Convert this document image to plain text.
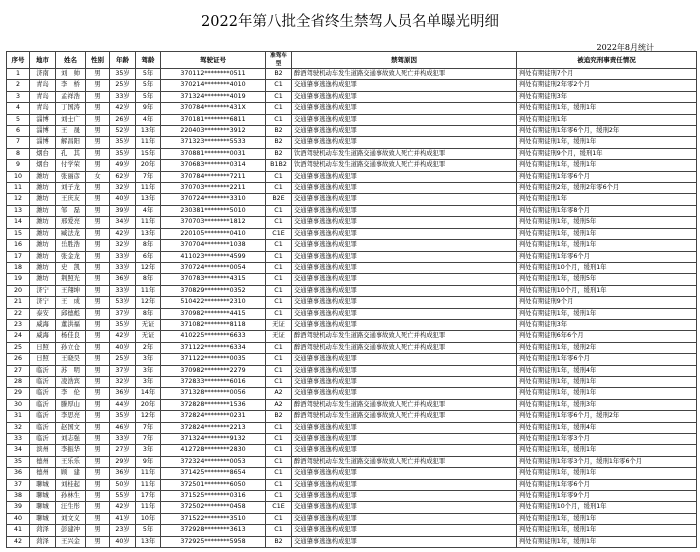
2022年第八批全省终生禁驾人员名单曝光明细
2022年8月统计
序号	地市	姓名	性别	年龄	驾龄	驾驶证号	准驾车型	禁驾原因	被追究刑事责任情况
1	济南	刘　帅	男	35岁	5年	370112********0511	B2	醉酒驾驶机动车发生道路交通事故致人死亡并构成犯罪	判处有期徒刑7个月
2	青岛	李　桥	男	25岁	5年	370214********4010	C1	交通肇事逃逸构成犯罪	判处有期徒刑2年零2个月
3	青岛	孟祥浩	男	33岁	5年	371324********4019	C1	交通肇事逃逸构成犯罪	判处有期徒刑3年
4	青岛	丁国涛	男	42岁	9年	370784********431X	C1	交通肇事逃逸构成犯罪	判处有期徒刑1年，缓刑1年
5	淄博	刘士广	男	26岁	4年	370181********6811	C1	交通肇事逃逸构成犯罪	判处有期徒刑1年
6	淄博	王　晟	男	52岁	13年	220403********3912	B2	交通肇事逃逸构成犯罪	判处有期徒刑1年零6个月，缓刑2年
7	淄博	解昌阳	男	35岁	11年	371323********5533	B2	交通肇事逃逸构成犯罪	判处有期徒刑1年，缓刑1年
8	烟台	孔　其	男	35岁	15年	370881********0031	B2	饮酒驾驶机动车发生道路交通事故致人死亡并构成犯罪	判处有期徒刑9个月，缓刑1年
9	烟台	付学荣	男	49岁	20年	370683********0314	B1B2	饮酒驾驶机动车发生道路交通事故致人死亡并构成犯罪	判处有期徒刑1年，缓刑1年
10	潍坊	张丽彦	女	62岁	7年	370784********7211	C1	交通肇事逃逸构成犯罪	判处有期徒刑1年零6个月
11	潍坊	刘子龙	男	32岁	11年	370703********2211	C1	交通肇事逃逸构成犯罪	判处有期徒刑2年，缓刑2年零6个月
12	潍坊	王庆友	男	40岁	13年	370724********3310	B2E	交通肇事逃逸构成犯罪	判处有期徒刑1年
13	潍坊	邹　磊	男	39岁	4年	230381********5010	C1	交通肇事逃逸构成犯罪	判处有期徒刑1年零8个月
14	潍坊	邢爱亮	男	34岁	11年	370703********1812	C1	交通肇事逃逸构成犯罪	判处有期徒刑1年，缓刑5年
15	潍坊	臧法龙	男	42岁	13年	220105********0410	C1E	交通肇事逃逸构成犯罪	判处有期徒刑1年，缓刑1年
16	潍坊	岳胜浩	男	32岁	8年	370704********1038	C1	交通肇事逃逸构成犯罪	判处有期徒刑1年，缓刑1年
17	潍坊	张金龙	男	33岁	6年	411023********4599	C1	交通肇事逃逸构成犯罪	判处有期徒刑1年零6个月
18	潍坊	史　凯	男	33岁	12年	370724********0054	C1	交通肇事逃逸构成犯罪	判处有期徒刑10个月，缓刑1年
19	潍坊	荆照光	男	36岁	8年	370783********4315	C1	交通肇事逃逸构成犯罪	判处有期徒刑1年，缓刑5年
20	济宁	王翔坤	男	33岁	11年	370829********0352	C1	交通肇事逃逸构成犯罪	判处有期徒刑10个月，缓刑1年
21	济宁	王　成	男	53岁	12年	510422********2310	C1	交通肇事逃逸构成犯罪	判处有期徒刑9个月
22	泰安	邱德彪	男	37岁	8年	370982********4415	C1	交通肇事逃逸构成犯罪	判处有期徒刑1年，缓刑1年
23	威海	董洪福	男	35岁	无证	371082********8118	无证	交通肇事逃逸构成犯罪	判处有期徒刑3年
24	威海	杨佳良	男	42岁	无证	410225********6633	无证	醉酒驾驶机动车发生道路交通事故致人死亡并构成犯罪	判处有期徒刑6年6个月
25	日照	孙立仓	男	40岁	2年	371122********6334	C1	醉酒驾驶机动车发生道路交通事故致人死亡并构成犯罪	判处有期徒刑1年，缓刑2年
26	日照	王晓昊	男	25岁	3年	371122********0035	C1	交通肇事逃逸构成犯罪	判处有期徒刑1年零6个月
27	临沂	苏　明	男	37岁	3年	370982********2279	C1	交通肇事逃逸构成犯罪	判处有期徒刑1年，缓刑4年
28	临沂	凌浩宾	男	32岁	3年	372833********6016	C1	交通肇事逃逸构成犯罪	判处有期徒刑1年，缓刑1年
29	临沂	李　伦	男	36岁	14年	371328********0056	A2	交通肇事逃逸构成犯罪	判处有期徒刑1年，缓刑1年
30	临沂	滕厚山	男	44岁	20年	372828********1536	A2	醉酒驾驶机动车发生道路交通事故致人死亡并构成犯罪	判处有期徒刑1年，缓刑3年
31	临沂	李思亮	男	35岁	12年	372824********0231	B2	醉酒驾驶机动车发生道路交通事故致人死亡并构成犯罪	判处有期徒刑1年零6个月，缓刑2年
32	临沂	赵国文	男	46岁	7年	372824********2213	C1	交通肇事逃逸构成犯罪	判处有期徒刑1年，缓刑4年
33	临沂	刘志强	男	33岁	7年	371324********9132	C1	交通肇事逃逸构成犯罪	判处有期徒刑1年零3个月
34	滨州	李振华	男	27岁	3年	412728********2830	C1	交通肇事逃逸构成犯罪	判处有期徒刑1年，缓刑1年
35	德州	王乐乐	男	29岁	9年	372324********0053	C1	醉酒驾驶机动车发生道路交通事故致人死亡并构成犯罪	判处有期徒刑1年零3个月，缓刑1年零6个月
36	德州	顾　建	男	36岁	11年	371425********8654	C1	交通肇事逃逸构成犯罪	判处有期徒刑1年，缓刑1年
37	聊城	刘桂起	男	50岁	11年	372501********6050	C1	交通肇事逃逸构成犯罪	判处有期徒刑1年零6个月
38	聊城	孙林生	男	55岁	17年	371525********0316	C1	交通肇事逃逸构成犯罪	判处有期徒刑1年零9个月
39	聊城	汪生彤	男	42岁	11年	372502********0458	C1E	交通肇事逃逸构成犯罪	判处有期徒刑10个月，缓刑1年
40	聊城	刘文义	男	41岁	10年	371522********3510	C1	交通肇事逃逸构成犯罪	判处有期徒刑1年，缓刑1年
41	菏泽	彭建冲	男	23岁	5年	372928********3613	C1	交通肇事逃逸构成犯罪	判处有期徒刑1年，缓刑1年
42	菏泽	王兴金	男	40岁	13年	372925********5958	B2	交通肇事逃逸构成犯罪	判处有期徒刑1年，缓刑1年
